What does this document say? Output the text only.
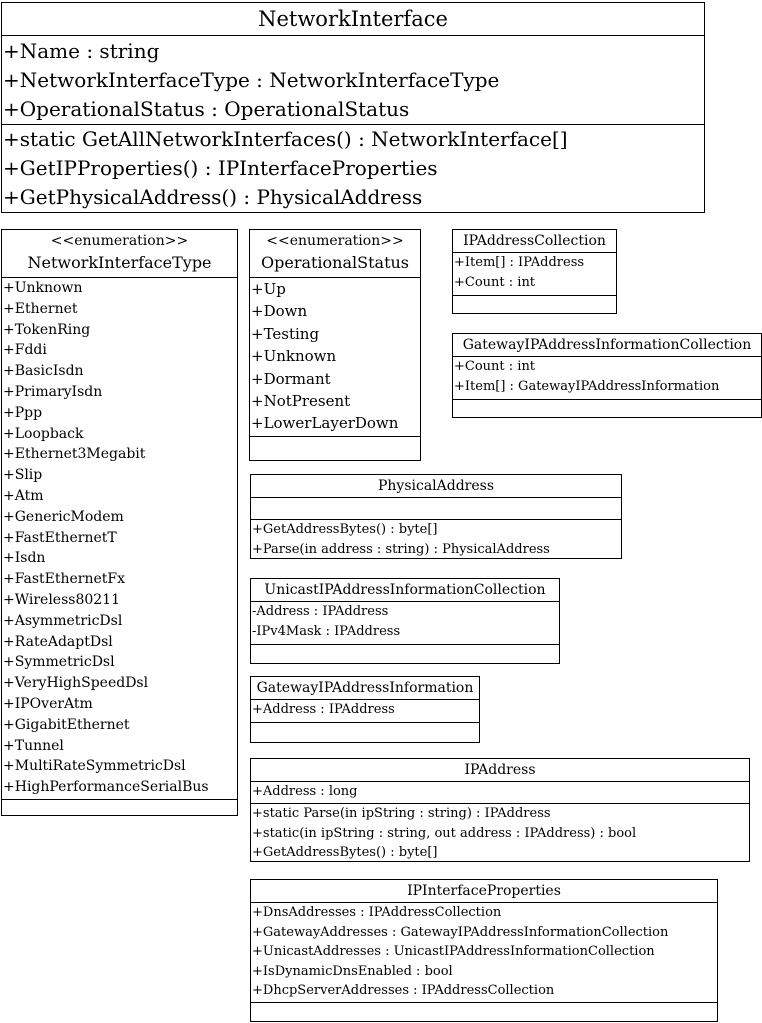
NetworkInterface
+Name : string
+NetworkInterfaceType : NetworkInterfaceType
+OperationalStatus : OperationalStatus
+static GetAllNetworkInterfaces() : NetworkInterface[]
+GetIPProperties() : IPInterfaceProperties
+GetPhysicalAddress() : PhysicalAddress
<<enumeration>>
NetworkInterfaceType
+Unknown
+Ethernet
+TokenRing
+Fddi
+BasicIsdn
+PrimaryIsdn
+Ppp
+Loopback
+Ethernet3Megabit
+Slip
+Atm
+GenericModem
+FastEthernetT
+Isdn
+FastEthernetFx
+Wireless80211
+AsymmetricDsl
+RateAdaptDsl
+SymmetricDsl
+VeryHighSpeedDsl
+IPOverAtm
+GigabitEthernet
+Tunnel
+MultiRateSymmetricDsl
+HighPerformanceSerialBus
<<enumeration>>
OperationalStatus
+Up
+Down
+Testing
+Unknown
+Dormant
+NotPresent
+LowerLayerDown
IPAddressCollection
+Item[] : IPAddress
+Count : int
GatewayIPAddressInformationCollection
+Count : int
+Item[] : GatewayIPAddressInformation
PhysicalAddress
+GetAddressBytes() : byte[]
+Parse(in address : string) : PhysicalAddress
UnicastIPAddressInformationCollection
-Address : IPAddress
-IPv4Mask : IPAddress
GatewayIPAddressInformation
+Address : IPAddress
IPAddress
+Address : long
+static Parse(in ipString : string) : IPAddress
+static(in ipString : string, out address : IPAddress) : bool
+GetAddressBytes() : byte[]
IPInterfaceProperties
+DnsAddresses : IPAddressCollection
+GatewayAddresses : GatewayIPAddressInformationCollection
+UnicastAddresses : UnicastIPAddressInformationCollection
+IsDynamicDnsEnabled : bool
+DhcpServerAddresses : IPAddressCollection
